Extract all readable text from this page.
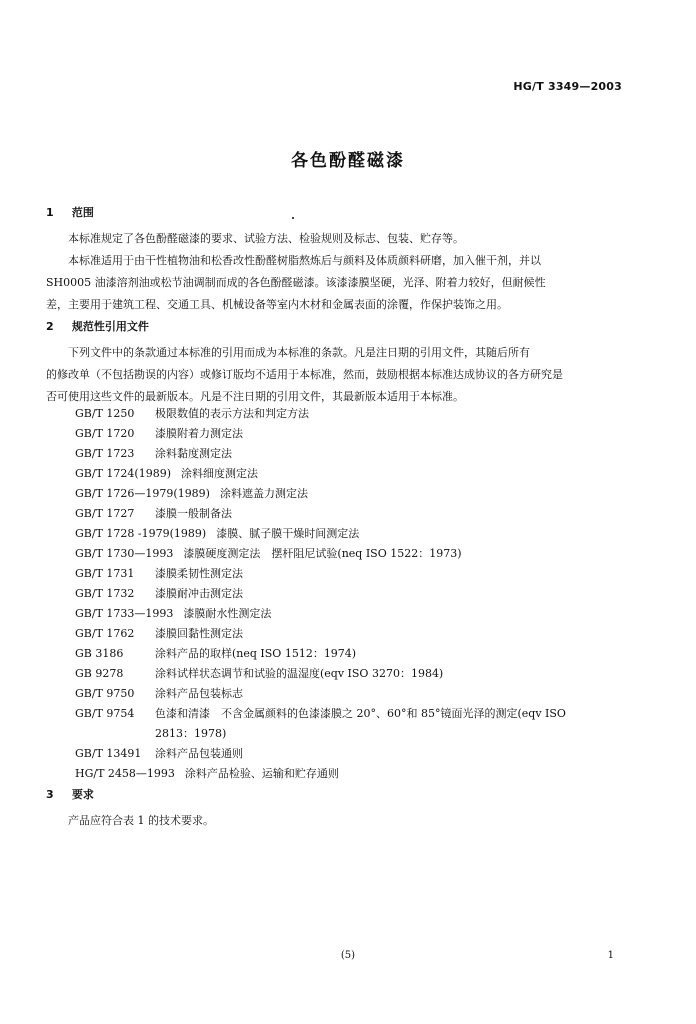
HG/T 3349—2003
各色酚醛磁漆
1 范围
本标准规定了各色酚醛磁漆的要求、试验方法、检验规则及标志、包装、贮存等。
本标准适用于由干性植物油和松香改性酚醛树脂熬炼后与颜料及体质颜料研磨，加入催干剂，并以
SH0005 油漆溶剂油或松节油调制而成的各色酚醛磁漆。该漆漆膜坚硬，光泽、附着力较好，但耐候性
差，主要用于建筑工程、交通工具、机械设备等室内木材和金属表面的涂覆，作保护装饰之用。
2 规范性引用文件
下列文件中的条款通过本标准的引用而成为本标准的条款。凡是注日期的引用文件，其随后所有
的修改单（不包括勘误的内容）或修订版均不适用于本标准，然而，鼓励根据本标准达成协议的各方研究是
否可使用这些文件的最新版本。凡是不注日期的引用文件，其最新版本适用于本标准。
GB/T 1250	极限数值的表示方法和判定方法
GB/T 1720	漆膜附着力测定法
GB/T 1723	涂料黏度测定法
GB/T 1724(1989) 涂料细度测定法
GB/T 1726—1979(1989) 涂料遮盖力测定法
GB/T 1727	漆膜一般制备法
GB/T 1728 -1979(1989) 漆膜、腻子膜干燥时间测定法
GB/T 1730—1993 漆膜硬度测定法　摆杆阻尼试验(neq ISO 1522：1973)
GB/T 1731	漆膜柔韧性测定法
GB/T 1732	漆膜耐冲击测定法
GB/T 1733—1993 漆膜耐水性测定法
GB/T 1762	漆膜回黏性测定法
GB 3186	涂料产品的取样(neq ISO 1512：1974)
GB 9278	涂料试样状态调节和试验的温湿度(eqv ISO 3270：1984)
GB/T 9750	涂料产品包装标志
GB/T 9754	色漆和清漆　不含金属颜料的色漆漆膜之 20°、60°和 85°镜面光泽的测定(eqv ISO
2813：1978)
GB/T 13491	涂料产品包装通则
HG/T 2458—1993 涂料产品检验、运输和贮存通则
3 要求
产品应符合表 1 的技术要求。
(5)	1
